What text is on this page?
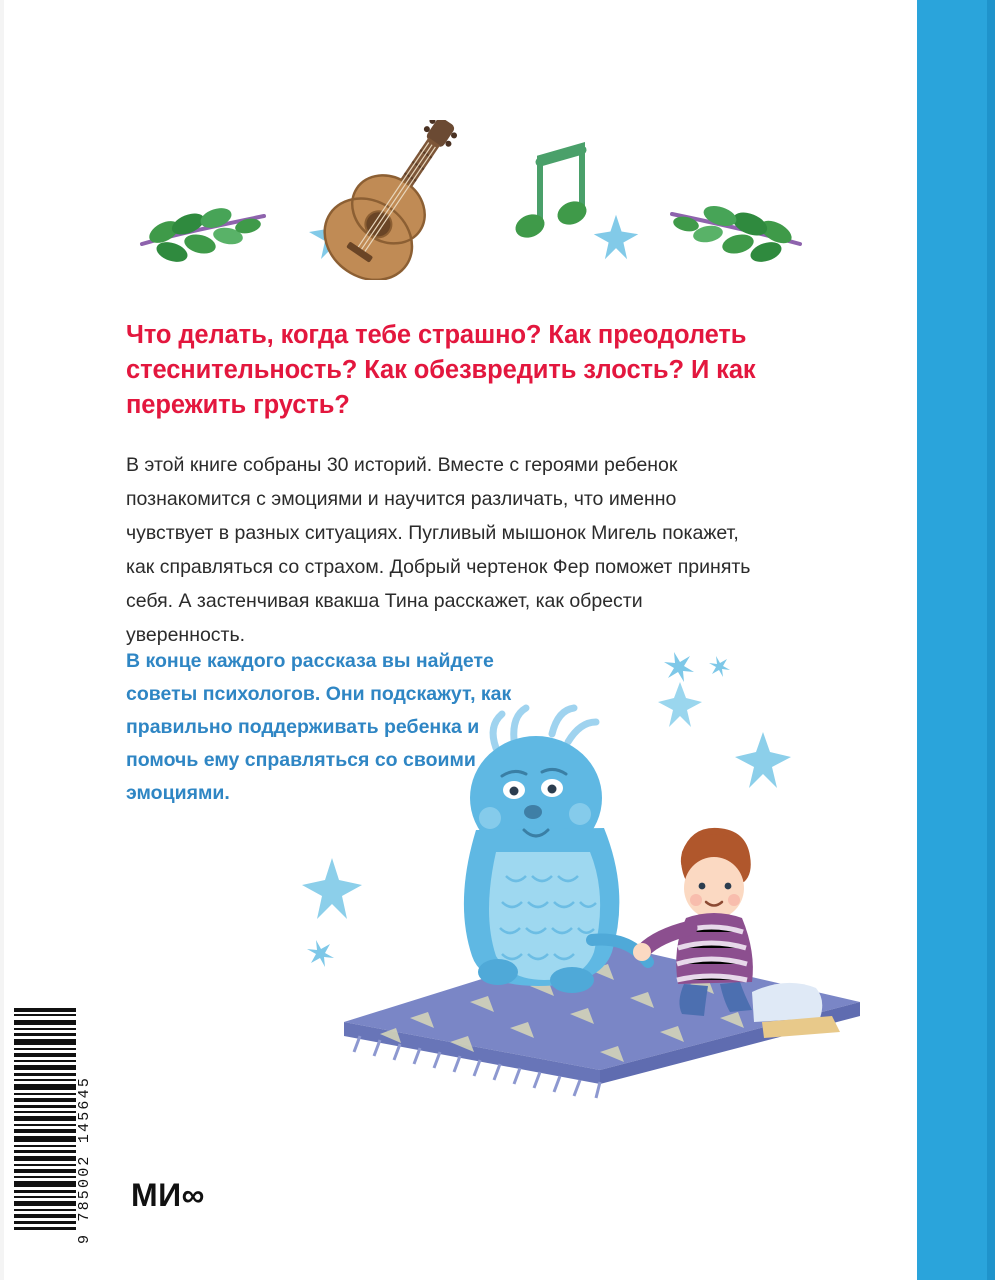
Что делать, когда тебе страшно? Как преодолеть стеснительность? Как обезвредить злость? И как пережить грусть?
В этой книге собраны 30 историй. Вместе с героями ребенок познакомится с эмоциями и научится различать, что именно чувствует в разных ситуациях. Пугливый мышонок Мигель покажет, как справляться со страхом. Добрый чертенок Фер поможет принять себя. А застенчивая квакша Тина расскажет, как обрести уверенность.
В конце каждого рассказа вы найдете советы психологов. Они подскажут, как правильно поддерживать ребенка и помочь ему справляться со своими эмоциями.
9 785002 145645 МИ∞
